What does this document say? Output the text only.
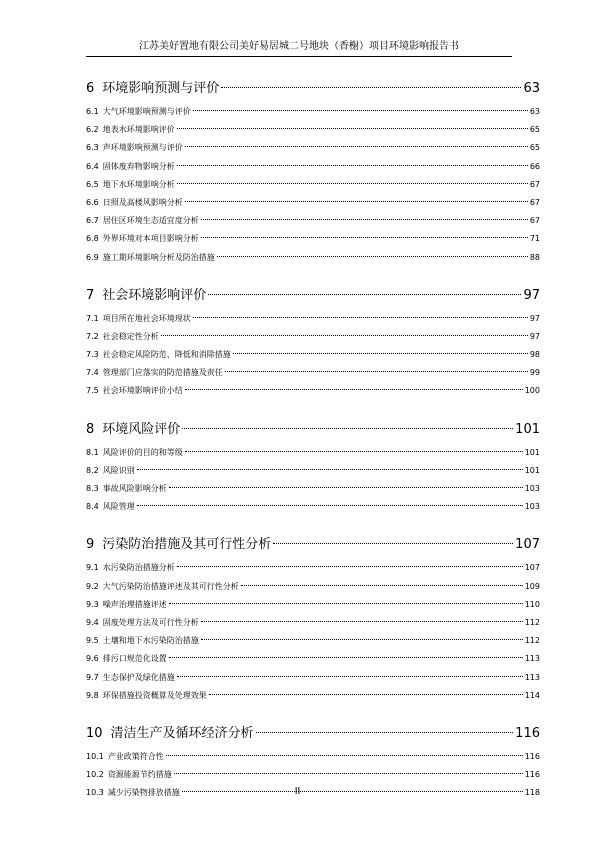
江苏美好置地有限公司美好易居城二号地块（香榭）项目环境影响报告书
6 环境影响预测与评价	63
6.1 大气环境影响预测与评价	63
6.2 地表水环境影响评价	65
6.3 声环境影响预测与评价	65
6.4 固体废弃物影响分析	66
6.5 地下水环境影响分析	67
6.6 日照及高楼风影响分析	67
6.7 居住区环境生态适宜度分析	67
6.8 外界环境对本项目影响分析	71
6.9 施工期环境影响分析及防治措施	88
7 社会环境影响评价	97
7.1 项目所在地社会环境现状	97
7.2 社会稳定性分析	97
7.3 社会稳定风险防范、降低和消除措施	98
7.4 管理部门应落实的防范措施及责任	99
7.5 社会环境影响评价小结	100
8 环境风险评价	101
8.1 风险评价的目的和等级	101
8.2 风险识别	101
8.3 事故风险影响分析	103
8.4 风险管理	103
9 污染防治措施及其可行性分析	107
9.1 水污染防治措施分析	107
9.2 大气污染防治措施评述及其可行性分析	109
9.3 噪声治理措施评述	110
9.4 固废处理方法及可行性分析	112
9.5 土壤和地下水污染防治措施	112
9.6 排污口规范化设置	113
9.7 生态保护及绿化措施	113
9.8 环保措施投资概算及处理效果	114
10 清洁生产及循环经济分析	116
10.1 产业政策符合性	116
10.2 资源能源节约措施	116
10.3 减少污染物排放措施	118
II
